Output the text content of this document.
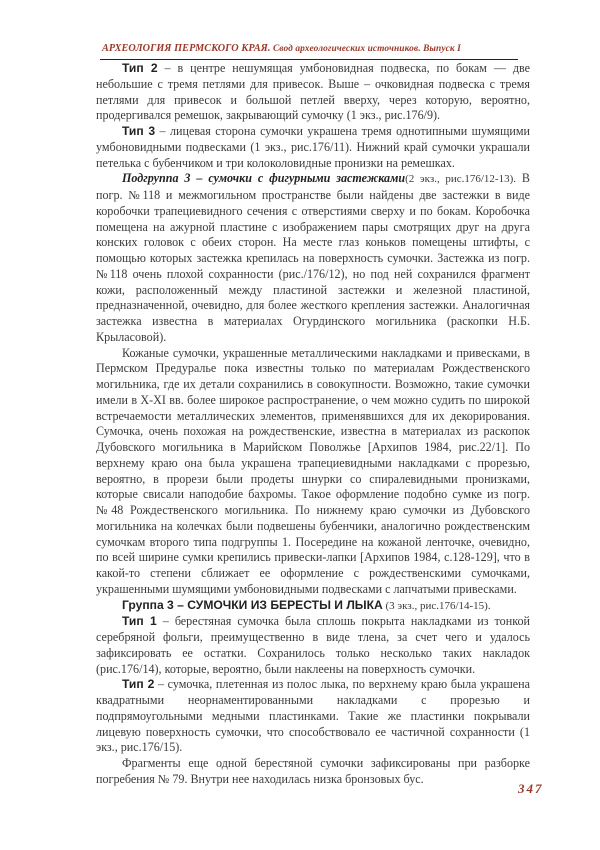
АРХЕОЛОГИЯ ПЕРМСКОГО КРАЯ. Свод археологических источников. Выпуск I

Тип 2 – в центре нешумящая умбоновидная подвеска, по бокам — две небольшие с тремя петлями для привесок. Выше – очковидная подвеска с тремя петлями для привесок и большой петлей вверху, через которую, вероятно, продергивался ремешок, закрывающий сумочку (1 экз., рис.176/9).

Тип 3 – лицевая сторона сумочки украшена тремя однотипными шумящими умбоновидными подвесками (1 экз., рис.176/11). Нижний край сумочки украшали петелька с бубенчиком и три колоколовидные пронизки на ремешках.

Подгруппа 3 – сумочки с фигурными застежками(2 экз., рис.176/12-13). В погр. №118 и межмогильном пространстве были найдены две застежки в виде коробочки трапециевидного сечения с отверстиями сверху и по бокам. Коробочка помещена на ажурной пластине с изображением пары смотрящих друг на друга конских головок с обеих сторон. На месте глаз коньков помещены штифты, с помощью которых застежка крепилась на поверхность сумочки. Застежка из погр. №118 очень плохой сохранности (рис./176/12), но под ней сохранился фрагмент кожи, расположенный между пластиной застежки и железной пластиной, предназначенной, очевидно, для более жесткого крепления застежки. Аналогичная застежка известна в материалах Огурдинского могильника (раскопки Н.Б. Крыласовой).

Кожаные сумочки, украшенные металлическими накладками и привесками, в Пермском Предуралье пока известны только по материалам Рождественского могильника, где их детали сохранились в совокупности. Возможно, такие сумочки имели в X-XI вв. более широкое распространение, о чем можно судить по широкой встречаемости металлических элементов, применявшихся для их декорирования. Сумочка, очень похожая на рождественские, известна в материалах из раскопок Дубовского могильника в Марийском Поволжье [Архипов 1984, рис.22/1]. По верхнему краю она была украшена трапециевидными накладками с прорезью, вероятно, в прорези были продеты шнурки со спиралевидными пронизками, которые свисали наподобие бахромы. Такое оформление подобно сумке из погр. №48 Рождественского могильника. По нижнему краю сумочки из Дубовского могильника на колечках были подвешены бубенчики, аналогично рождественским сумочкам второго типа подгруппы 1. Посередине на кожаной ленточке, очевидно, по всей ширине сумки крепились привески-лапки [Архипов 1984, с.128-129], что в какой-то степени сближает ее оформление с рождественскими сумочками, украшенными шумящими умбоновидными подвесками с лапчатыми привесками.

Группа 3 – СУМОЧКИ ИЗ БЕРЕСТЫ И ЛЫКА (3 экз., рис.176/14-15).

Тип 1 – берестяная сумочка была сплошь покрыта накладками из тонкой серебряной фольги, преимущественно в виде тлена, за счет чего и удалось зафиксировать ее остатки. Сохранилось только несколько таких накладок (рис.176/14), которые, вероятно, были наклеены на поверхность сумочки.

Тип 2 – сумочка, плетенная из полос лыка, по верхнему краю была украшена квадратными неорнаментированными накладками с прорезью и подпрямоугольными медными пластинками. Такие же пластинки покрывали лицевую поверхность сумочки, что способствовало ее частичной сохранности (1 экз., рис.176/15).

Фрагменты еще одной берестяной сумочки зафиксированы при разборке погребения № 79. Внутри нее находилась низка бронзовых бус.

347
